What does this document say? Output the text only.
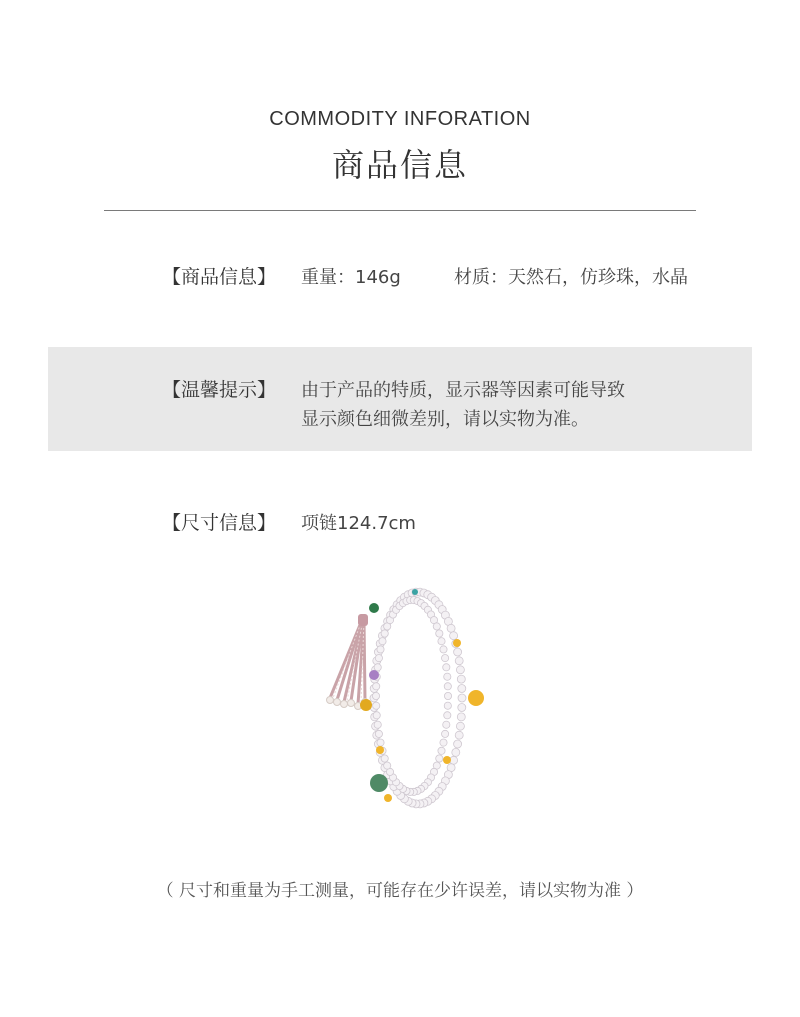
COMMODITY INFORATION
商品信息
【商品信息】 重量：146g	材质：天然石，仿珍珠，水晶
【温馨提示】 由于产品的特质，显示器等因素可能导致
显示颜色细微差别，请以实物为准。
【尺寸信息】 项链124.7cm
（ 尺寸和重量为手工测量，可能存在少许误差，请以实物为准 ）
